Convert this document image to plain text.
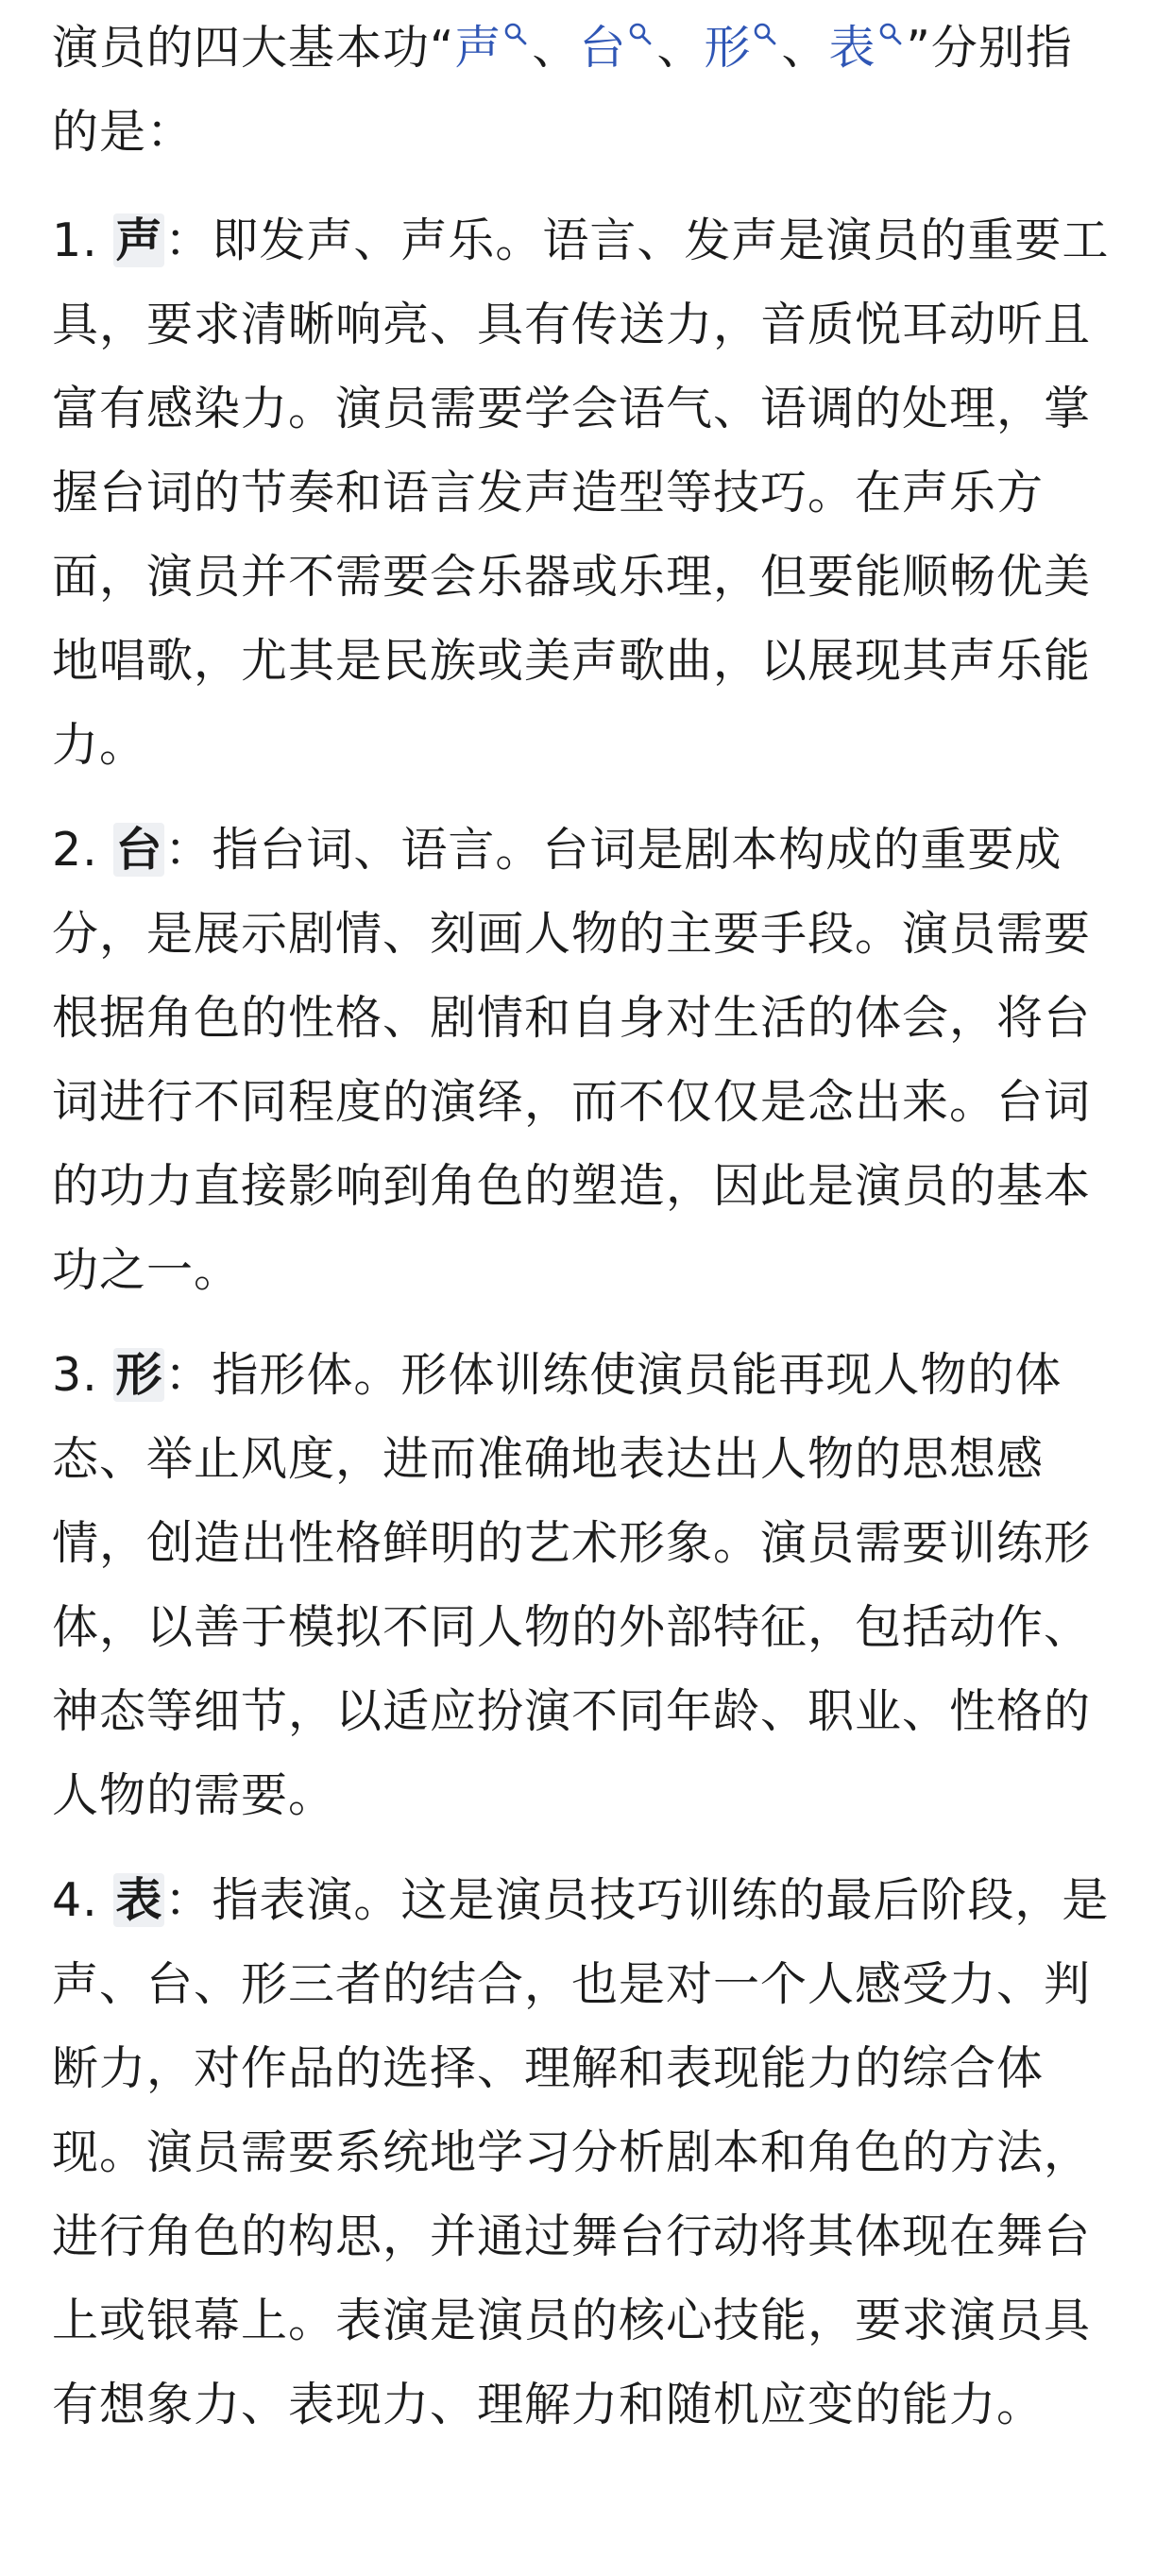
演员的四大基本功“声 、台 、形 、表 ”分别指的是：

1. 声：即发声、声乐。语言、发声是演员的重要工具，要求清晰响亮、具有传送力，音质悦耳动听且富有感染力。演员需要学会语气、语调的处理，掌握台词的节奏和语言发声造型等技巧。在声乐方面，演员并不需要会乐器或乐理，但要能顺畅优美地唱歌，尤其是民族或美声歌曲，以展现其声乐能力。

2. 台：指台词、语言。台词是剧本构成的重要成分，是展示剧情、刻画人物的主要手段。演员需要根据角色的性格、剧情和自身对生活的体会，将台词进行不同程度的演绎，而不仅仅是念出来。台词的功力直接影响到角色的塑造，因此是演员的基本功之一。

3. 形：指形体。形体训练使演员能再现人物的体态、举止风度，进而准确地表达出人物的思想感情，创造出性格鲜明的艺术形象。演员需要训练形体，以善于模拟不同人物的外部特征，包括动作、神态等细节，以适应扮演不同年龄、职业、性格的人物的需要。

4. 表：指表演。这是演员技巧训练的最后阶段，是声、台、形三者的结合，也是对一个人感受力、判断力，对作品的选择、理解和表现能力的综合体现。演员需要系统地学习分析剧本和角色的方法，进行角色的构思，并通过舞台行动将其体现在舞台上或银幕上。表演是演员的核心技能，要求演员具有想象力、表现力、理解力和随机应变的能力。
